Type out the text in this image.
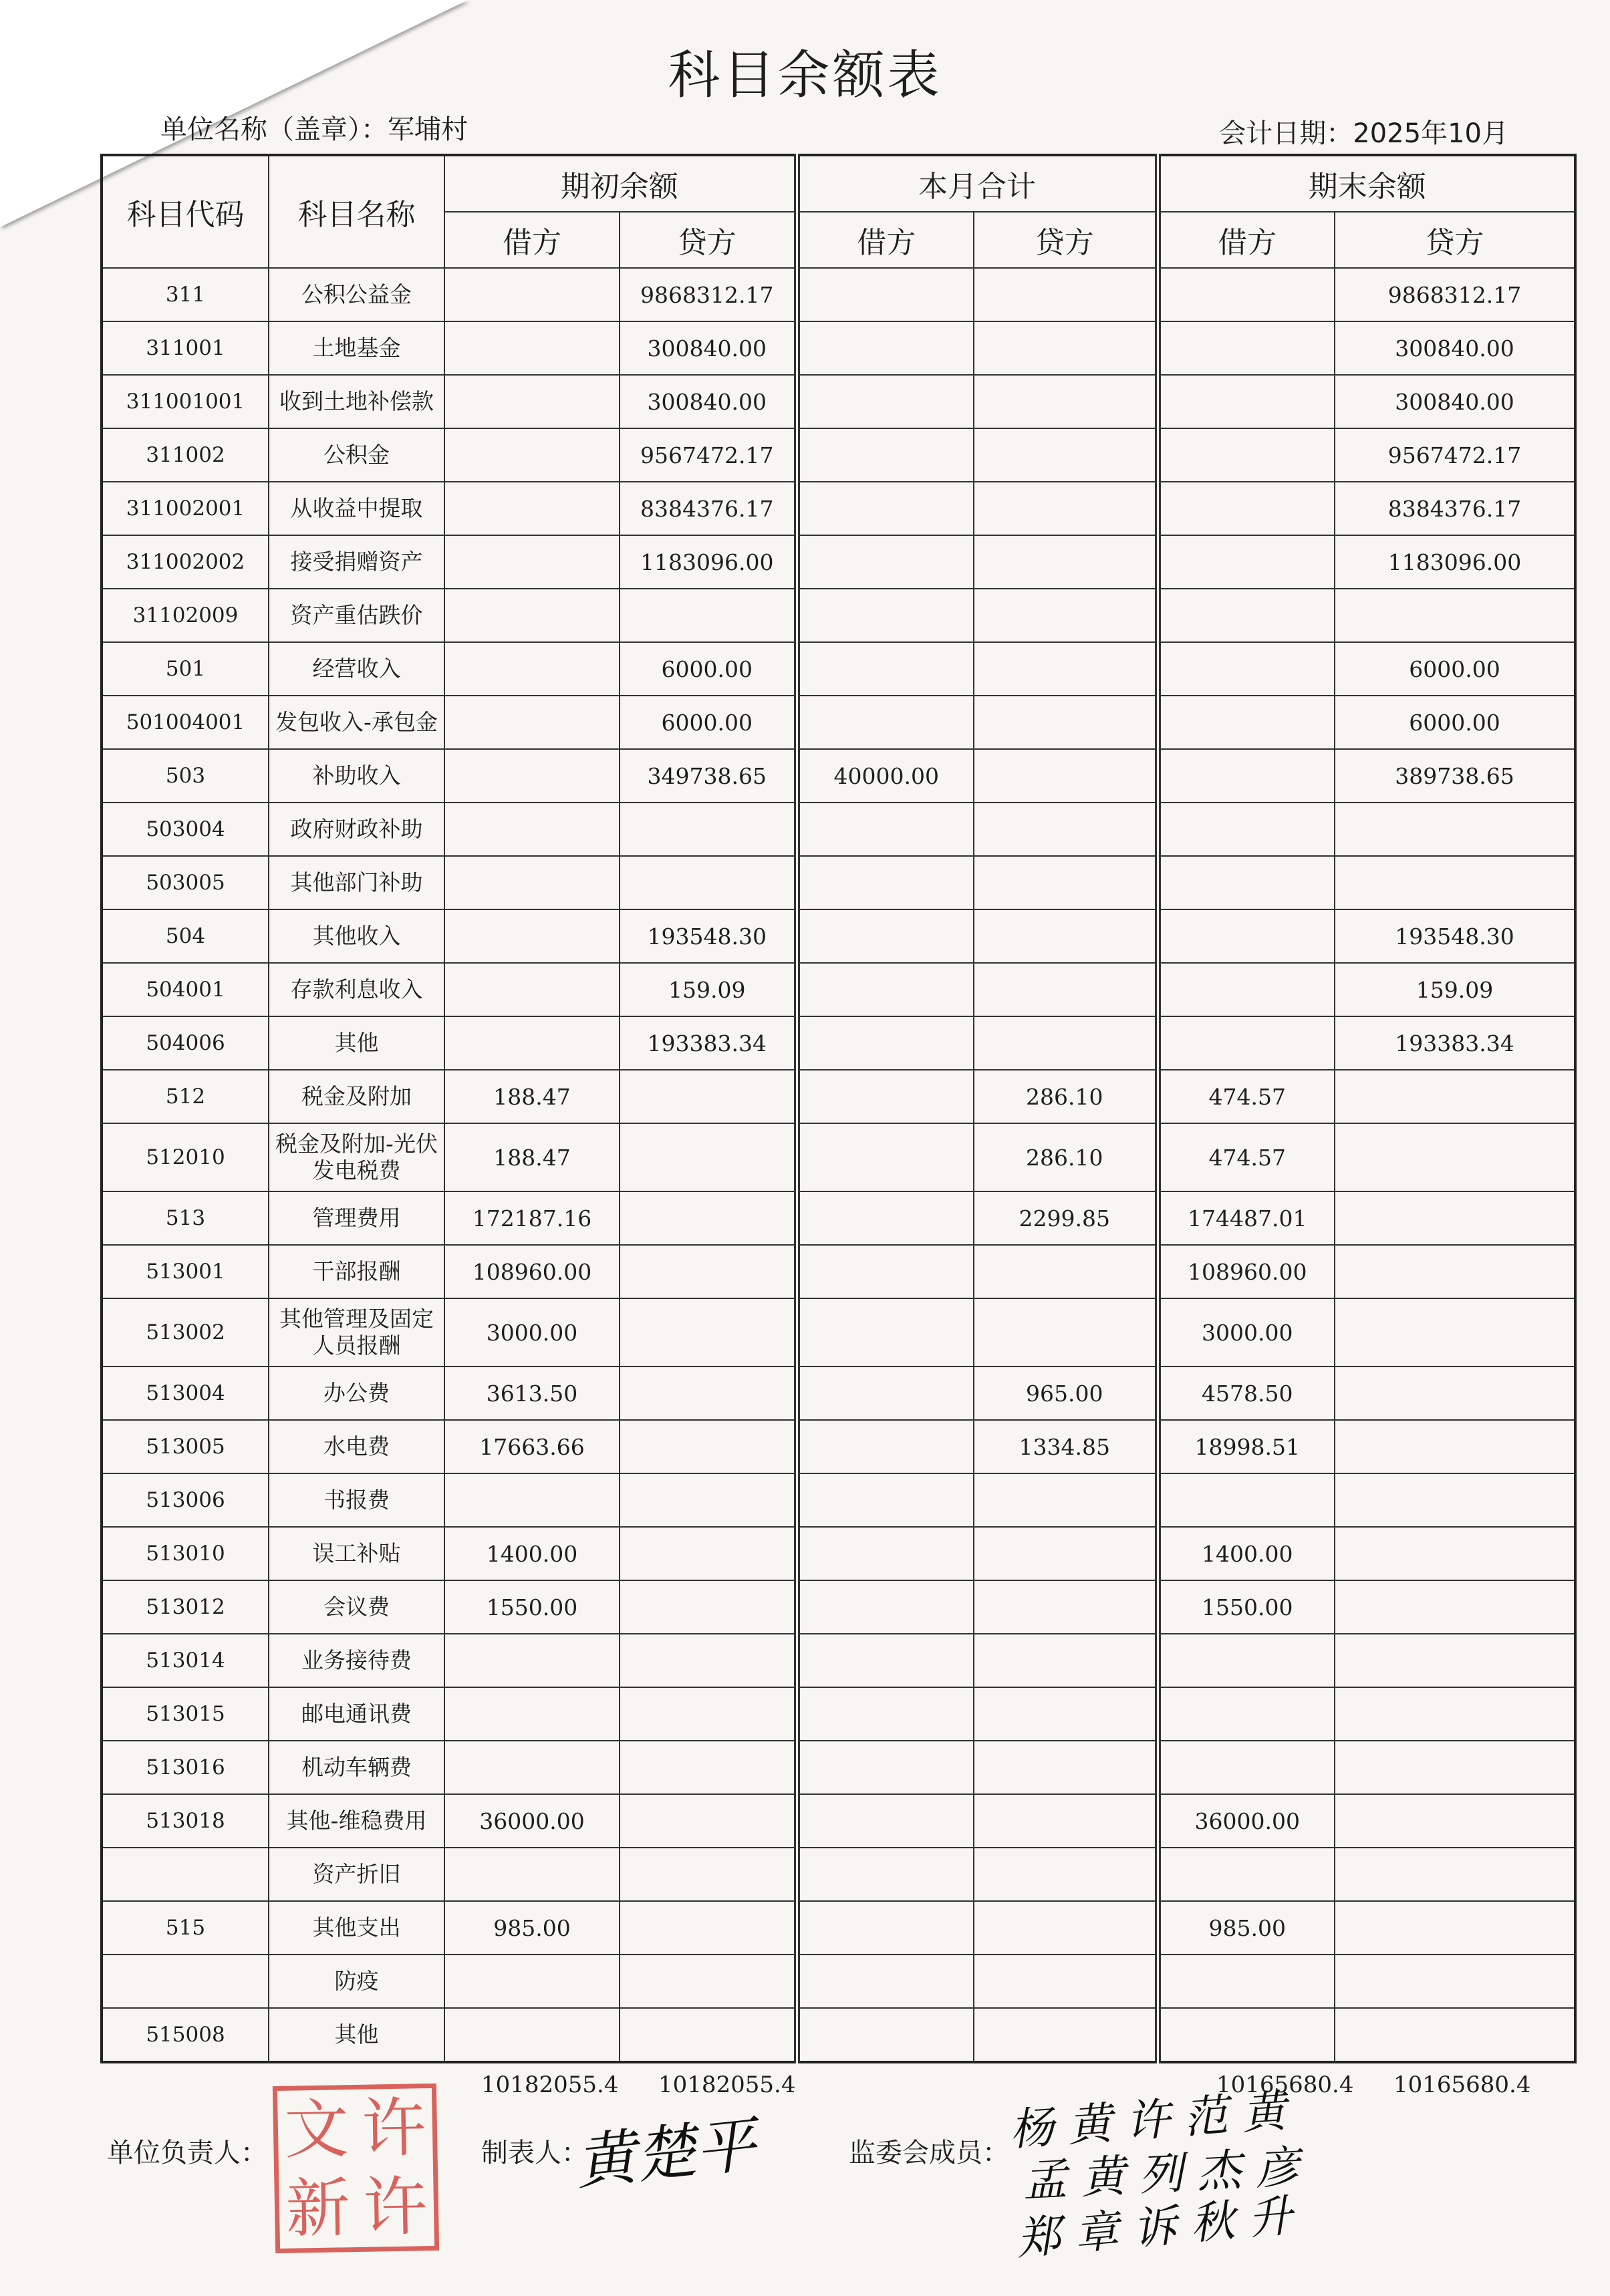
科目余额表
单位名称（盖章）：军埔村	会计日期：2025年10月
科目代码	科目名称	期初余额		本月合计		期末余额	
		借方	贷方	借方	贷方	借方	贷方
311	公积公益金		9868312.17				9868312.17
311001	土地基金		300840.00				300840.00
311001001	收到土地补偿款		300840.00				300840.00
311002	公积金		9567472.17				9567472.17
311002001	从收益中提取		8384376.17				8384376.17
311002002	接受捐赠资产		1183096.00				1183096.00
31102009	资产重估跌价						
501	经营收入		6000.00				6000.00
501004001	发包收入-承包金		6000.00				6000.00
503	补助收入		349738.65	40000.00			389738.65
503004	政府财政补助						
503005	其他部门补助						
504	其他收入		193548.30				193548.30
504001	存款利息收入		159.09				159.09
504006	其他		193383.34				193383.34
512	税金及附加	188.47			286.10	474.57	
512010	税金及附加-光伏发电税费	188.47			286.10	474.57	
513	管理费用	172187.16			2299.85	174487.01	
513001	干部报酬	108960.00				108960.00	
513002	其他管理及固定人员报酬	3000.00				3000.00	
513004	办公费	3613.50			965.00	4578.50	
513005	水电费	17663.66			1334.85	18998.51	
513006	书报费						
513010	误工补贴	1400.00				1400.00	
513012	会议费	1550.00				1550.00	
513014	业务接待费						
513015	邮电通讯费						
513016	机动车辆费						
513018	其他-维稳费用	36000.00				36000.00	
	资产折旧						
515	其他支出	985.00				985.00	
	防疫						
515008	其他						
10182055.4 10182055.4	10165680.4 10165680.4
单位负责人： 文 许
新 许
制表人：
黄楚平	监委会成员：
杨 黄 许 范 黄
孟 黄 列 杰 彦
郑 章 诉 秋 升
